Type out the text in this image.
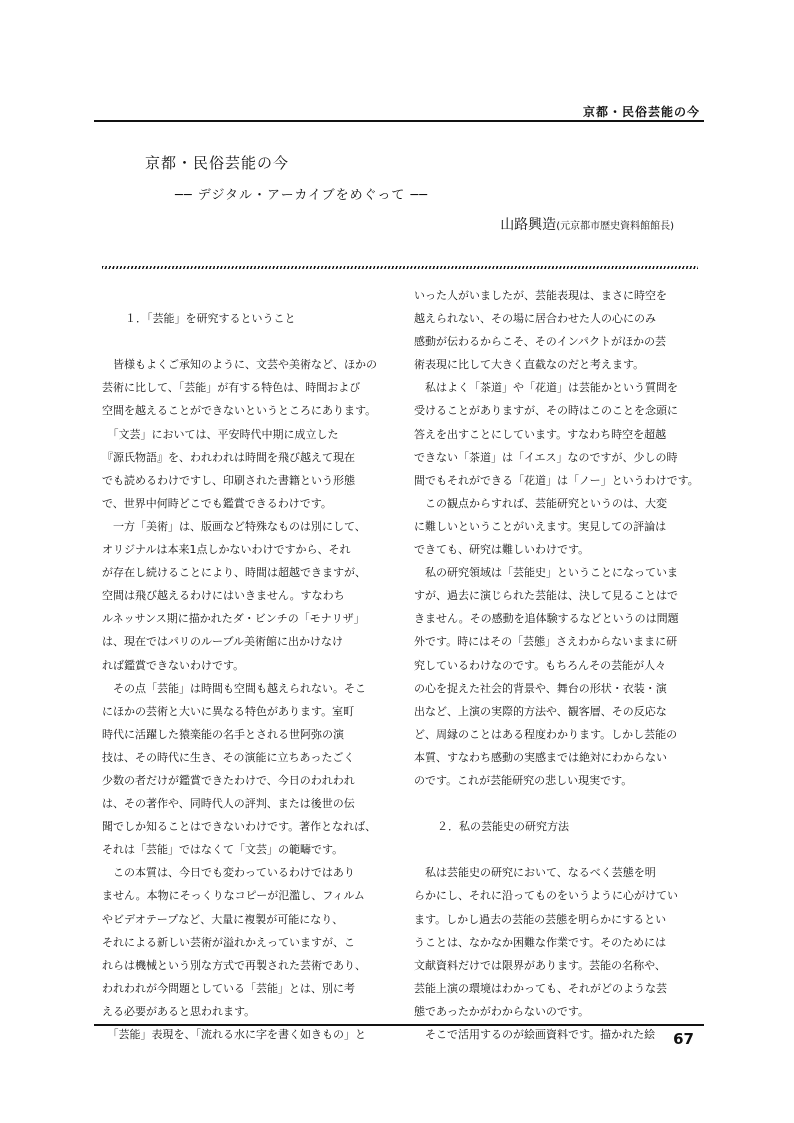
京都・民俗芸能の今
京都・民俗芸能の今
── デジタル・アーカイブをめぐって ──
山路興造(元京都市歴史資料館館長)
　１．「芸能」を研究するということ
　皆様もよくご承知のように、文芸や美術など、ほかの
芸術に比して、「芸能」が有する特色は、時間および
空間を越えることができないというところにあります。
　「文芸」においては、平安時代中期に成立した
『源氏物語』を、われわれは時間を飛び越えて現在
でも読めるわけですし、印刷された書籍という形態
で、世界中何時どこでも鑑賞できるわけです。
　一方「美術」は、版画など特殊なものは別にして、
オリジナルは本来1点しかないわけですから、それ
が存在し続けることにより、時間は超越できますが、
空間は飛び越えるわけにはいきません。すなわち
ルネッサンス期に描かれたダ・ビンチの「モナリザ」
は、現在ではパリのルーブル美術館に出かけなけ
れば鑑賞できないわけです。
　その点「芸能」は時間も空間も越えられない。そこ
にほかの芸術と大いに異なる特色があります。室町
時代に活躍した猿楽能の名手とされる世阿弥の演
技は、その時代に生き、その演能に立ちあったごく
少数の者だけが鑑賞できたわけで、今日のわれわれ
は、その著作や、同時代人の評判、または後世の伝
聞でしか知ることはできないわけです。著作となれば、
それは「芸能」ではなくて「文芸」の範疇です。
　この本質は、今日でも変わっているわけではあり
ません。本物にそっくりなコピーが氾濫し、フィルム
やビデオテープなど、大量に複製が可能になり、
それによる新しい芸術が溢れかえっていますが、こ
れらは機械という別な方式で再製された芸術であり、
われわれが今問題としている「芸能」とは、別に考
える必要があると思われます。
　「芸能」表現を、「流れる水に字を書く如きもの」と
いった人がいましたが、芸能表現は、まさに時空を
越えられない、その場に居合わせた人の心にのみ
感動が伝わるからこそ、そのインパクトがほかの芸
術表現に比して大きく直截なのだと考えます。
　私はよく「茶道」や「花道」は芸能かという質問を
受けることがありますが、その時はこのことを念頭に
答えを出すことにしています。すなわち時空を超越
できない「茶道」は「イエス」なのですが、少しの時
間でもそれができる「花道」は「ノー」というわけです。
　この観点からすれば、芸能研究というのは、大変
に難しいということがいえます。実見しての評論は
できても、研究は難しいわけです。
　私の研究領域は「芸能史」ということになっていま
すが、過去に演じられた芸能は、決して見ることはで
きません。その感動を追体験するなどというのは問題
外です。時にはその「芸態」さえわからないままに研
究しているわけなのです。もちろんその芸能が人々
の心を捉えた社会的背景や、舞台の形状・衣装・演
出など、上演の実際的方法や、観客層、その反応な
ど、周縁のことはある程度わかります。しかし芸能の
本質、すなわち感動の実感までは絶対にわからない
のです。これが芸能研究の悲しい現実です。
　２．私の芸能史の研究方法
　私は芸能史の研究において、なるべく芸態を明
らかにし、それに沿ってものをいうように心がけてい
ます。しかし過去の芸能の芸態を明らかにするとい
うことは、なかなか困難な作業です。そのためには
文献資料だけでは限界があります。芸能の名称や、
芸能上演の環境はわかっても、それがどのような芸
態であったかがわからないのです。
　そこで活用するのが絵画資料です。描かれた絵	67
